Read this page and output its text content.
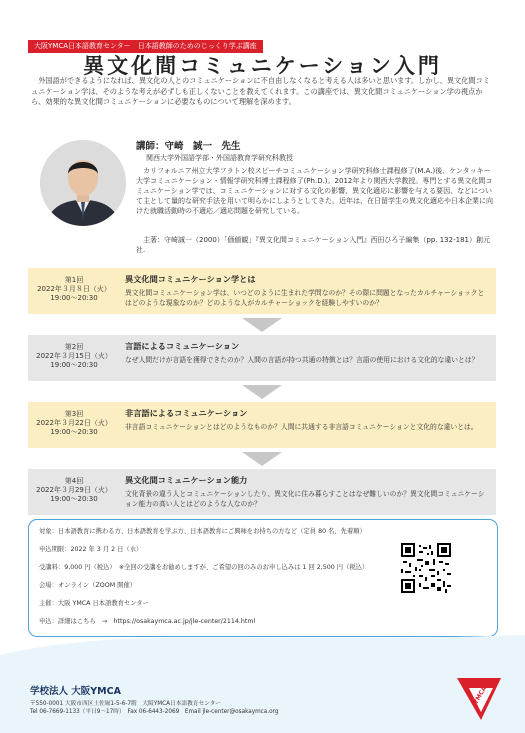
大阪YMCA日本語教育センター　日本語教師のためのじっくり学ぶ講座
異文化間コミュニケーション入門
外国語ができるようになれば、異文化の人とのコミュニケーションに不自由しなくなると考える人は多いと思います。しかし、異文化間コミュニケーション学は、そのような考えが必ずしも正しくないことを教えてくれます。この講座では、異文化間コミュニケーション学の視点から、効果的な異文化間コミュニケーションに必要なものについて理解を深めます。
講師：守崎　誠一　先生
関西大学外国語学部・外国語教育学研究科教授
カリフォルニア州立大学フラトン校スピーチコミュニケーション学研究科修士課程修了(M.A.)後、ケンタッキー大学コミュニケーション・情報学研究科博士課程修了(Ph.D.)。2012年より関西大学教授。専門とする異文化間コミュニケーション学では、コミュニケーションに対する文化の影響、異文化適応に影響を与える要因、などについて主として量的な研究手法を用いて明らかにしようとしてきた。近年は、在日留学生の異文化適応や日本企業に向けた就職活動時の不適応／適応問題を研究している。
主著：守崎誠一（2000）「価値観」『異文化間コミュニケーション入門』西田ひろ子編集（pp. 132-181）創元社.
第1回
2022年３月８日（火）
19:00〜20:30
異文化間コミュニケーション学とは
異文化間コミュニケーション学は、いつどのように生まれた学問なのか？その際に問題となったカルチャーショックとはどのような現象なのか？どのような人がカルチャーショックを経験しやすいのか？
第2回
2022年３月15日（火）
19:00〜20:30
言語によるコミュニケーション
なぜ人間だけが言語を獲得できたのか？人間の言語が持つ共通の特徴とは？言語の使用における文化的な違いとは？
第3回
2022年３月22日（火）
19:00〜20:30
非言語によるコミュニケーション
非言語コミュニケーションとはどのようなものか？人間に共通する非言語コミュニケーションと文化的な違いとは。
第4回
2022年３月29日（火）
19:00〜20:30
異文化間コミュニケーション能力
文化背景の違う人とコミュニケーションしたり、異文化に住み暮らすことはなぜ難しいのか？異文化間コミュニケーション能力の高い人とはどのような人なのか？
対象：日本語教育に携わる方、日本語教育を学ぶ方、日本語教育にご興味をお持ちの方など（定員 80 名、先着順）
申込期限：2022 年 3 月 2 日（水）
受講料：9,000 円（税込）　※全回の受講をお勧めしますが、ご希望の回のみのお申し込みは 1 回 2,500 円（税込）
会場：オンライン（ZOOM 開催）
主催：大阪 YMCA 日本語教育センター
申込：詳細はこちら　→　https://osakaymca.ac.jp/jle-center/2114.html
学校法人 大阪YMCA
〒550-0001 大阪市西区土佐堀1-5-6-7階　大阪YMCA日本語教育センター
Tel 06-7669-1133（平日9〜17時）　Fax 06-6443-2069　Email jle-center@osakaymca.org
YMCA
